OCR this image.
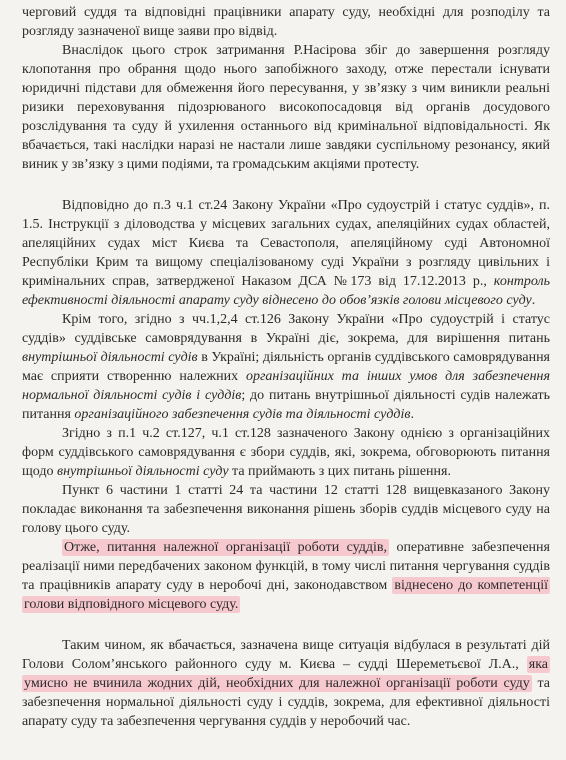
черговий суддя та відповідні працівники апарату суду, необхідні для розподілу та розгляду зазначеної вище заяви про відвід.

Внаслідок цього строк затримання Р.Насірова збіг до завершення розгляду клопотання про обрання щодо нього запобіжного заходу, отже перестали існувати юридичні підстави для обмеження його пересування, у зв’язку з чим виникли реальні ризики переховування підозрюваного високопосадовця від органів досудового розслідування та суду й ухилення останнього від кримінальної відповідальності. Як вбачається, такі наслідки наразі не настали лише завдяки суспільному резонансу, який виник у зв’язку з цими подіями, та громадським акціями протесту.

Відповідно до п.3 ч.1 ст.24 Закону України «Про судоустрій і статус суддів», п. 1.5. Інструкції з діловодства у місцевих загальних судах, апеляційних судах областей, апеляційних судах міст Києва та Севастополя, апеляційному суді Автономної Республіки Крим та вищому спеціалізованому суді України з розгляду цивільних і кримінальних справ, затвердженої Наказом ДСА №173 від 17.12.2013 р., контроль ефективності діяльності апарату суду віднесено до обов’язків голови місцевого суду.

Крім того, згідно з чч.1,2,4 ст.126 Закону України «Про судоустрій і статус суддів» суддівське самоврядування в Україні діє, зокрема, для вирішення питань внутрішньої діяльності судів в Україні; діяльність органів суддівського самоврядування має сприяти створенню належних організаційних та інших умов для забезпечення нормальної діяльності судів і суддів; до питань внутрішньої діяльності судів належать питання організаційного забезпечення судів та діяльності суддів.

Згідно з п.1 ч.2 ст.127, ч.1 ст.128 зазначеного Закону однією з організаційних форм суддівського самоврядування є збори суддів, які, зокрема, обговорюють питання щодо внутрішньої діяльності суду та приймають з цих питань рішення.

Пункт 6 частини 1 статті 24 та частини 12 статті 128 вищевказаного Закону покладає виконання та забезпечення виконання рішень зборів суддів місцевого суду на голову цього суду.

Отже, питання належної організації роботи суддів, оперативне забезпечення реалізації ними передбачених законом функцій, в тому числі питання чергування суддів та працівників апарату суду в неробочі дні, законодавством віднесено до компетенції голови відповідного місцевого суду.

Таким чином, як вбачається, зазначена вище ситуація відбулася в результаті дій Голови Солом’янського районного суду м. Києва – судді Шереметьєвої Л.А., яка умисно не вчинила жодних дій, необхідних для належної організації роботи суду та забезпечення нормальної діяльності суду і суддів, зокрема, для ефективної діяльності апарату суду та забезпечення чергування суддів у неробочий час.
